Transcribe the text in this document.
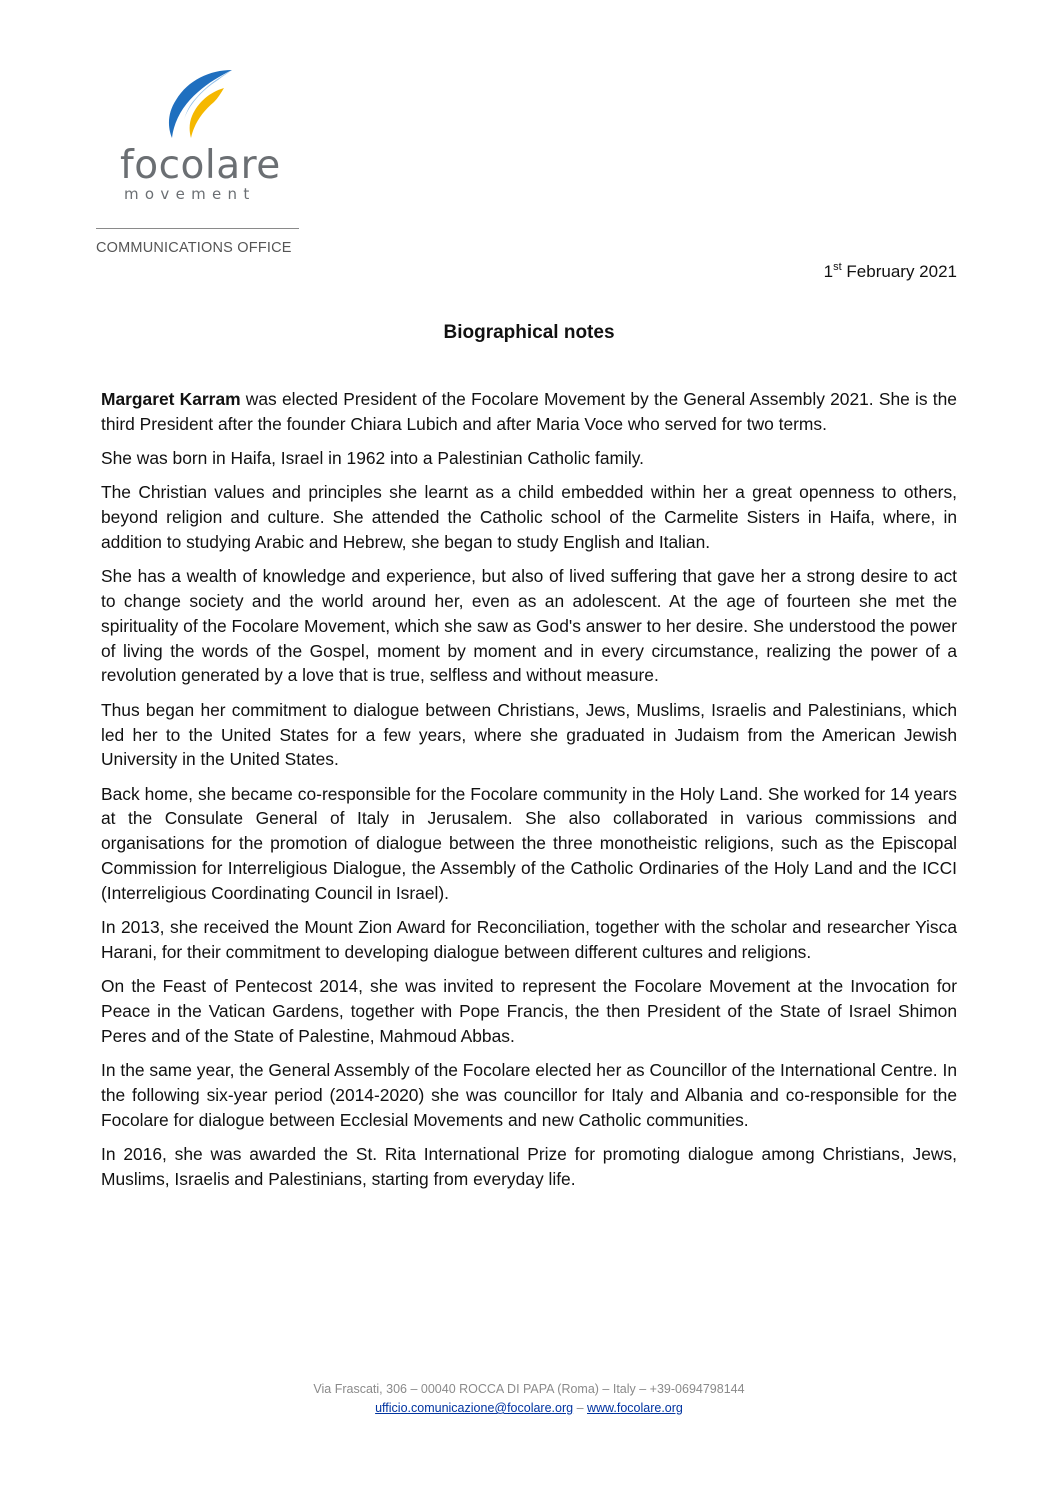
focolare
movement
COMMUNICATIONS OFFICE
1st February 2021
Biographical notes

Margaret Karram was elected President of the Focolare Movement by the General Assembly 2021. She is the third President after the founder Chiara Lubich and after Maria Voce who served for two terms.

She was born in Haifa, Israel in 1962 into a Palestinian Catholic family.

The Christian values and principles she learnt as a child embedded within her a great openness to others, beyond religion and culture. She attended the Catholic school of the Carmelite Sisters in Haifa, where, in addition to studying Arabic and Hebrew, she began to study English and Italian.

She has a wealth of knowledge and experience, but also of lived suffering that gave her a strong desire to act to change society and the world around her, even as an adolescent. At the age of fourteen she met the spirituality of the Focolare Movement, which she saw as God's answer to her desire. She understood the power of living the words of the Gospel, moment by moment and in every circumstance, realizing the power of a revolution generated by a love that is true, selfless and without measure.

Thus began her commitment to dialogue between Christians, Jews, Muslims, Israelis and Palestinians, which led her to the United States for a few years, where she graduated in Judaism from the American Jewish University in the United States.

Back home, she became co-responsible for the Focolare community in the Holy Land. She worked for 14 years at the Consulate General of Italy in Jerusalem. She also collaborated in various commissions and organisations for the promotion of dialogue between the three monotheistic religions, such as the Episcopal Commission for Interreligious Dialogue, the Assembly of the Catholic Ordinaries of the Holy Land and the ICCI (Interreligious Coordinating Council in Israel).

In 2013, she received the Mount Zion Award for Reconciliation, together with the scholar and researcher Yisca Harani, for their commitment to developing dialogue between different cultures and religions.

On the Feast of Pentecost 2014, she was invited to represent the Focolare Movement at the Invocation for Peace in the Vatican Gardens, together with Pope Francis, the then President of the State of Israel Shimon Peres and of the State of Palestine, Mahmoud Abbas.

In the same year, the General Assembly of the Focolare elected her as Councillor of the International Centre. In the following six-year period (2014-2020) she was councillor for Italy and Albania and co-responsible for the Focolare for dialogue between Ecclesial Movements and new Catholic communities.

In 2016, she was awarded the St. Rita International Prize for promoting dialogue among Christians, Jews, Muslims, Israelis and Palestinians, starting from everyday life.

Via Frascati, 306 – 00040 ROCCA DI PAPA (Roma) – Italy – +39-0694798144
ufficio.comunicazione@focolare.org – www.focolare.org
